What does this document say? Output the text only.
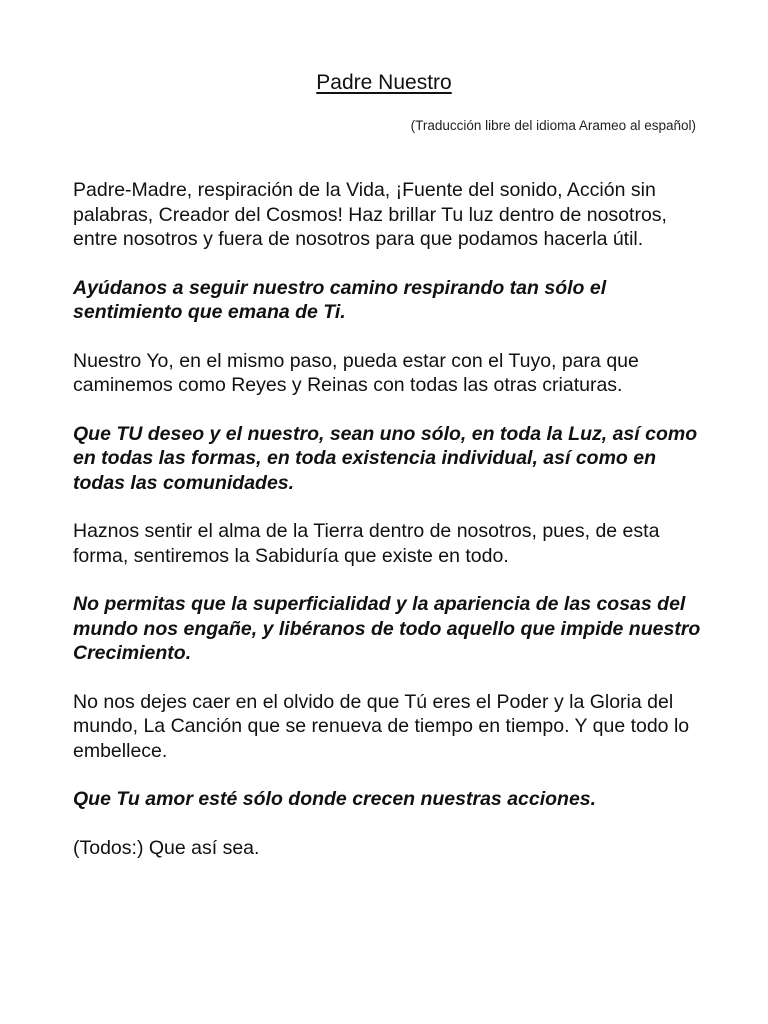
Padre Nuestro

(Traducción libre del idioma Arameo al español)

Padre-Madre, respiración de la Vida, ¡Fuente del sonido, Acción sin palabras, Creador del Cosmos! Haz brillar Tu luz dentro de nosotros, entre nosotros y fuera de nosotros para que podamos hacerla útil.

Ayúdanos a seguir nuestro camino respirando tan sólo el sentimiento que emana de Ti.

Nuestro Yo, en el mismo paso, pueda estar con el Tuyo, para que caminemos como Reyes y Reinas con todas las otras criaturas.

Que TU deseo y el nuestro, sean uno sólo, en toda la Luz, así como en todas las formas, en toda existencia individual, así como en todas las comunidades.

Haznos sentir el alma de la Tierra dentro de nosotros, pues, de esta forma, sentiremos la Sabiduría que existe en todo.

No permitas que la superficialidad y la apariencia de las cosas del mundo nos engañe, y libéranos de todo aquello que impide nuestro Crecimiento.

No nos dejes caer en el olvido de que Tú eres el Poder y la Gloria del mundo, La Canción que se renueva de tiempo en tiempo. Y que todo lo embellece.

Que Tu amor esté sólo donde crecen nuestras acciones.

(Todos:) Que así sea.
